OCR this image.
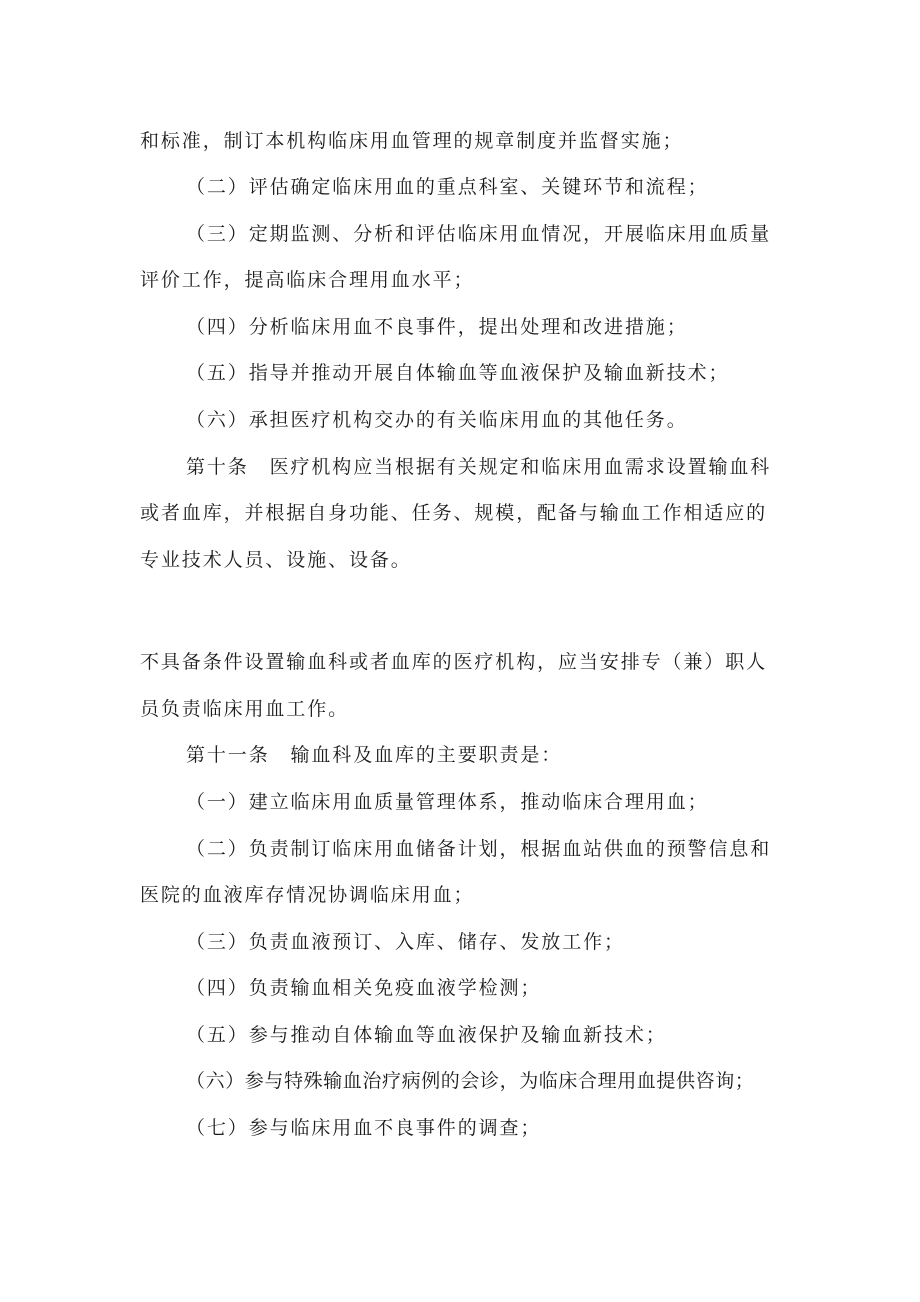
和标准，制订本机构临床用血管理的规章制度并监督实施；
（二）评估确定临床用血的重点科室、关键环节和流程；
（三）定期监测、分析和评估临床用血情况，开展临床用血质量
评价工作，提高临床合理用血水平；
（四）分析临床用血不良事件，提出处理和改进措施；
（五）指导并推动开展自体输血等血液保护及输血新技术；
（六）承担医疗机构交办的有关临床用血的其他任务。
第十条　医疗机构应当根据有关规定和临床用血需求设置输血科
或者血库，并根据自身功能、任务、规模，配备与输血工作相适应的
专业技术人员、设施、设备。
不具备条件设置输血科或者血库的医疗机构，应当安排专（兼）职人
员负责临床用血工作。
第十一条　输血科及血库的主要职责是：
（一）建立临床用血质量管理体系，推动临床合理用血；
（二）负责制订临床用血储备计划，根据血站供血的预警信息和
医院的血液库存情况协调临床用血；
（三）负责血液预订、入库、储存、发放工作；
（四）负责输血相关免疫血液学检测；
（五）参与推动自体输血等血液保护及输血新技术；
（六）参与特殊输血治疗病例的会诊，为临床合理用血提供咨询；
（七）参与临床用血不良事件的调查；
